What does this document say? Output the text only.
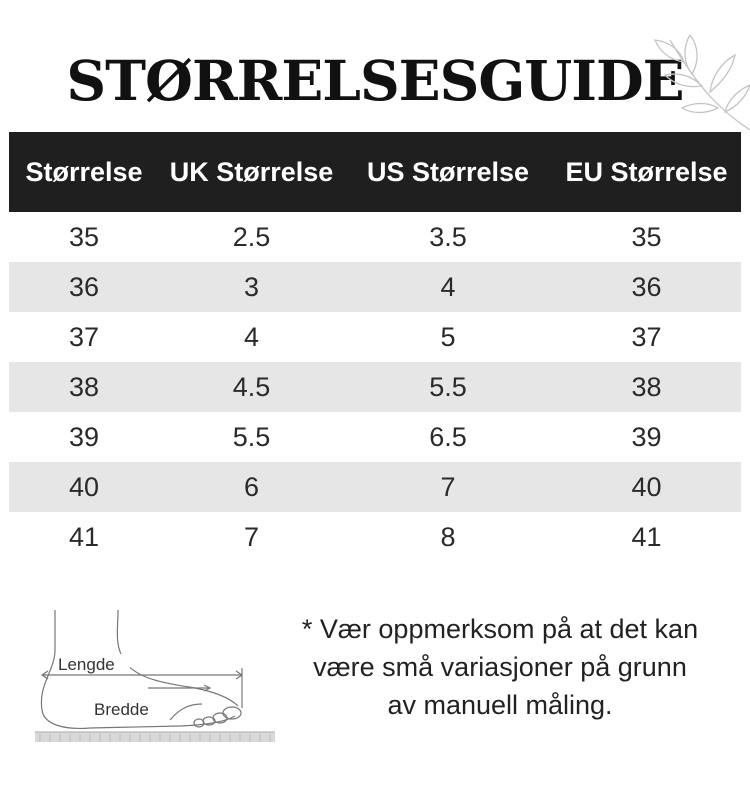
STØRRELSESGUIDE
Størrelse	UK Størrelse	US Størrelse	EU Størrelse
35	2.5	3.5	35
36	3	4	36
37	4	5	37
38	4.5	5.5	38
39	5.5	6.5	39
40	6	7	40
41	7	8	41
Lengde
Bredde
* Vær oppmerksom på at det kan
være små variasjoner på grunn
av manuell måling.
